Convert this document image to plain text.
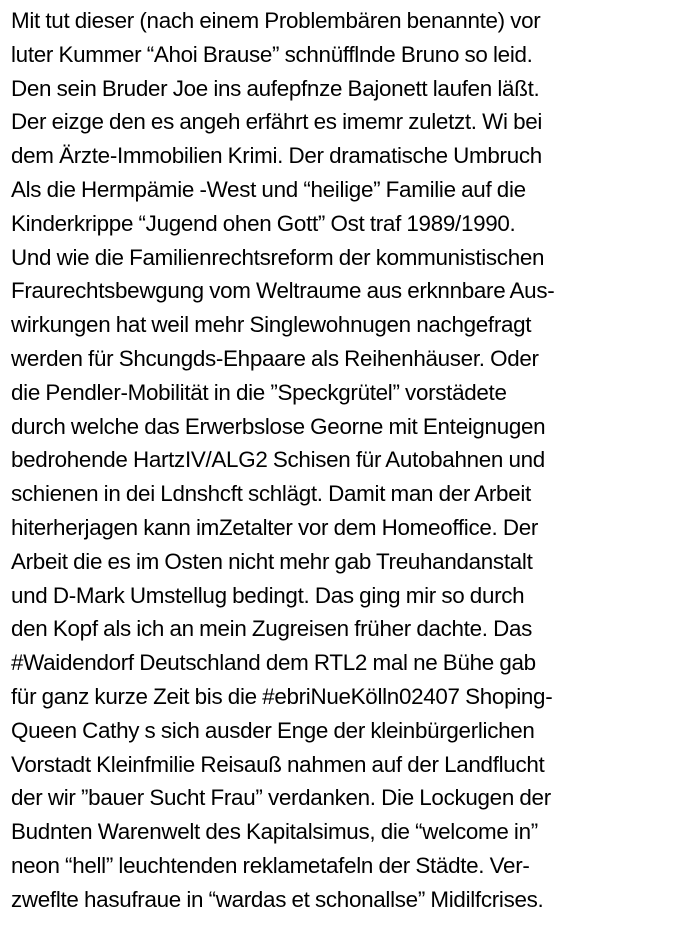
Mit tut dieser (nach einem Problembären benannte) vor
luter Kummer “Ahoi Brause” schnüfflnde Bruno so leid.
Den sein Bruder Joe ins aufepfnze Bajonett laufen läßt.
Der eizge den es angeh erfährt es imemr zuletzt. Wi bei
dem Ärzte-Immobilien Krimi. Der dramatische Umbruch
Als die Hermpämie -West und “heilige” Familie auf die
Kinderkrippe “Jugend ohen Gott” Ost traf 1989/1990.
Und wie die Familienrechtsreform der kommunistischen
Fraurechtsbewgung vom Weltraume aus erknnbare Aus-
wirkungen hat weil mehr Singlewohnugen nachgefragt
werden für Shcungds-Ehpaare als Reihenhäuser. Oder
die Pendler-Mobilität in die ”Speckgrütel” vorstädete
durch welche das Erwerbslose Georne mit Enteignugen
bedrohende HartzIV/ALG2 Schisen für Autobahnen und
schienen in dei Ldnshcft schlägt. Damit man der Arbeit
hiterherjagen kann imZetalter vor dem Homeoffice. Der
Arbeit die es im Osten nicht mehr gab Treuhandanstalt
und D-Mark Umstellug bedingt. Das ging mir so durch
den Kopf als ich an mein Zugreisen früher dachte. Das
#Waidendorf Deutschland dem RTL2 mal ne Bühe gab
für ganz kurze Zeit bis die #ebriNueKölln02407 Shoping-
Queen Cathy s sich ausder Enge der kleinbürgerlichen
Vorstadt Kleinfmilie Reisauß nahmen auf der Landflucht
der wir ”bauer Sucht Frau” verdanken. Die Lockugen der
Budnten Warenwelt des Kapitalsimus, die “welcome in”
neon “hell” leuchtenden reklametafeln der Städte. Ver-
zweflte hasufraue in “wardas et schonallse” Midilfcrises.
